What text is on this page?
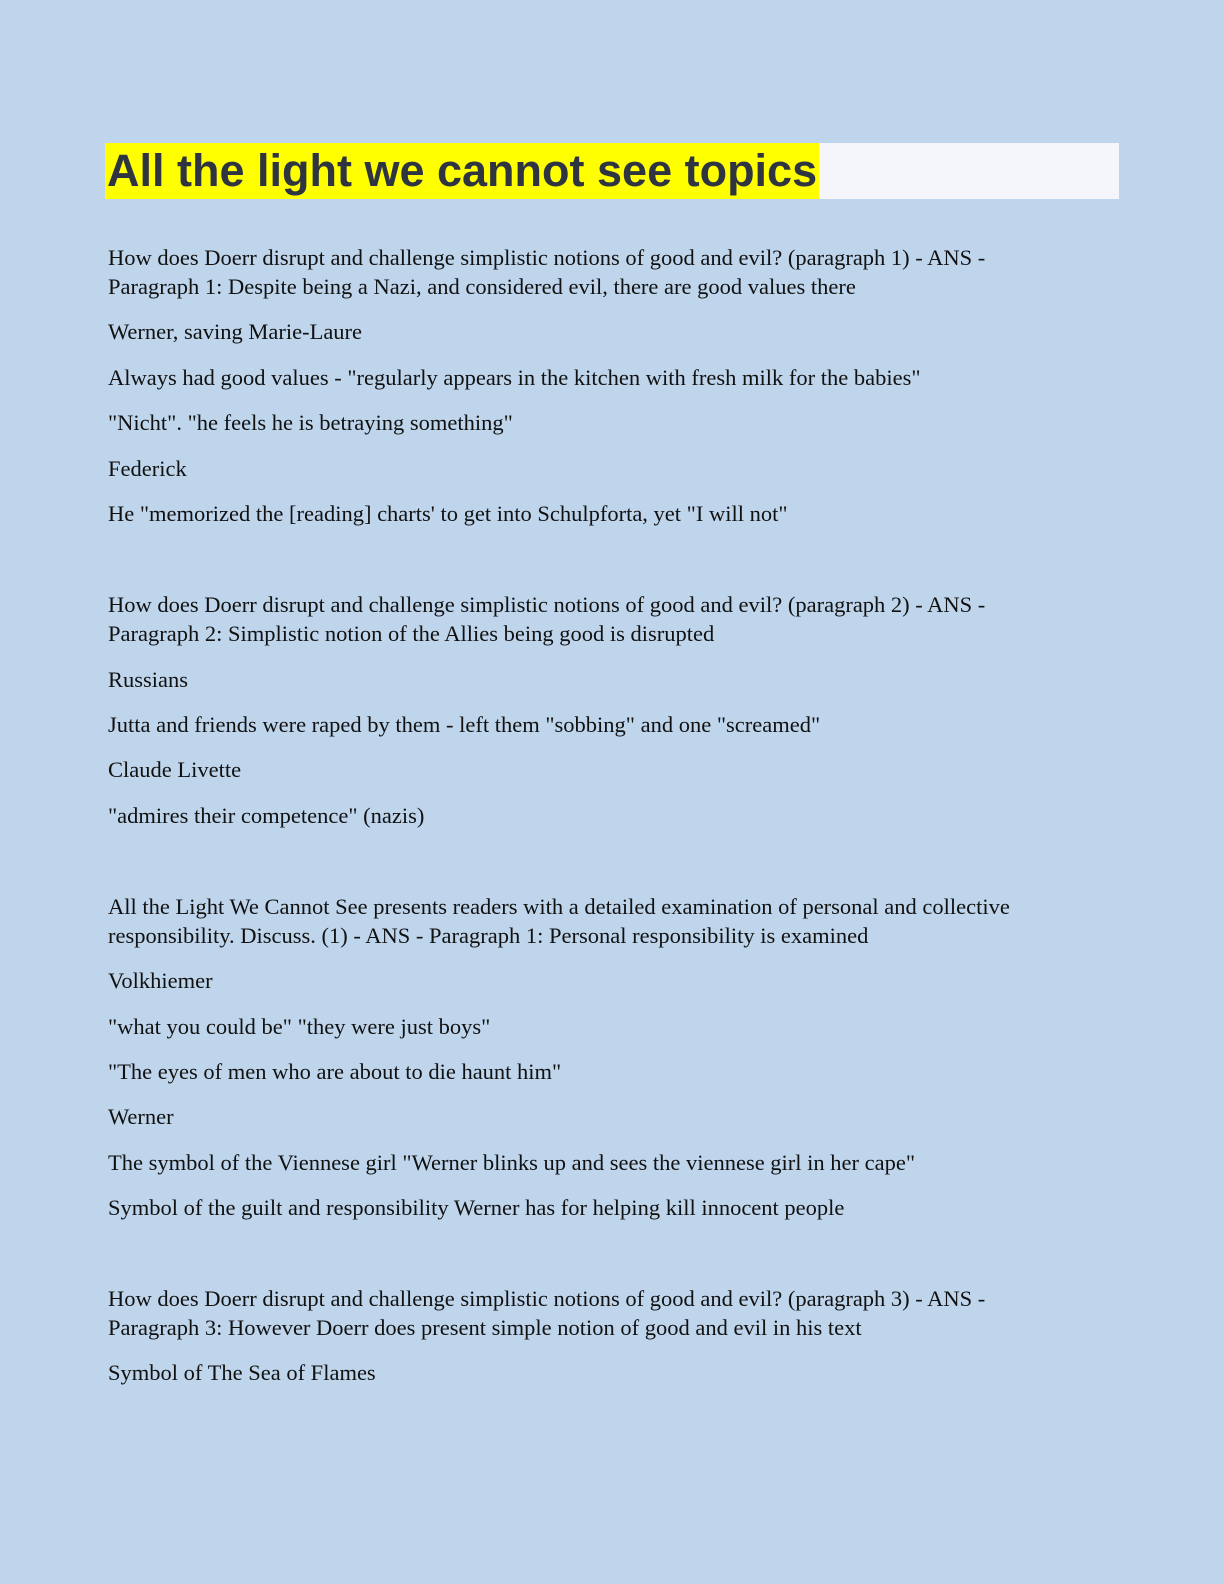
All the light we cannot see topics
How does Doerr disrupt and challenge simplistic notions of good and evil? (paragraph 1) - ANS -
Paragraph 1: Despite being a Nazi, and considered evil, there are good values there
Werner, saving Marie-Laure
Always had good values - "regularly appears in the kitchen with fresh milk for the babies"
"Nicht". "he feels he is betraying something"
Federick
He "memorized the [reading] charts' to get into Schulpforta, yet "I will not"
How does Doerr disrupt and challenge simplistic notions of good and evil? (paragraph 2) - ANS -
Paragraph 2: Simplistic notion of the Allies being good is disrupted
Russians
Jutta and friends were raped by them - left them "sobbing" and one "screamed"
Claude Livette
"admires their competence" (nazis)
All the Light We Cannot See presents readers with a detailed examination of personal and collective
responsibility. Discuss. (1) - ANS - Paragraph 1: Personal responsibility is examined
Volkhiemer
"what you could be" "they were just boys"
"The eyes of men who are about to die haunt him"
Werner
The symbol of the Viennese girl "Werner blinks up and sees the viennese girl in her cape"
Symbol of the guilt and responsibility Werner has for helping kill innocent people
How does Doerr disrupt and challenge simplistic notions of good and evil? (paragraph 3) - ANS -
Paragraph 3: However Doerr does present simple notion of good and evil in his text
Symbol of The Sea of Flames
